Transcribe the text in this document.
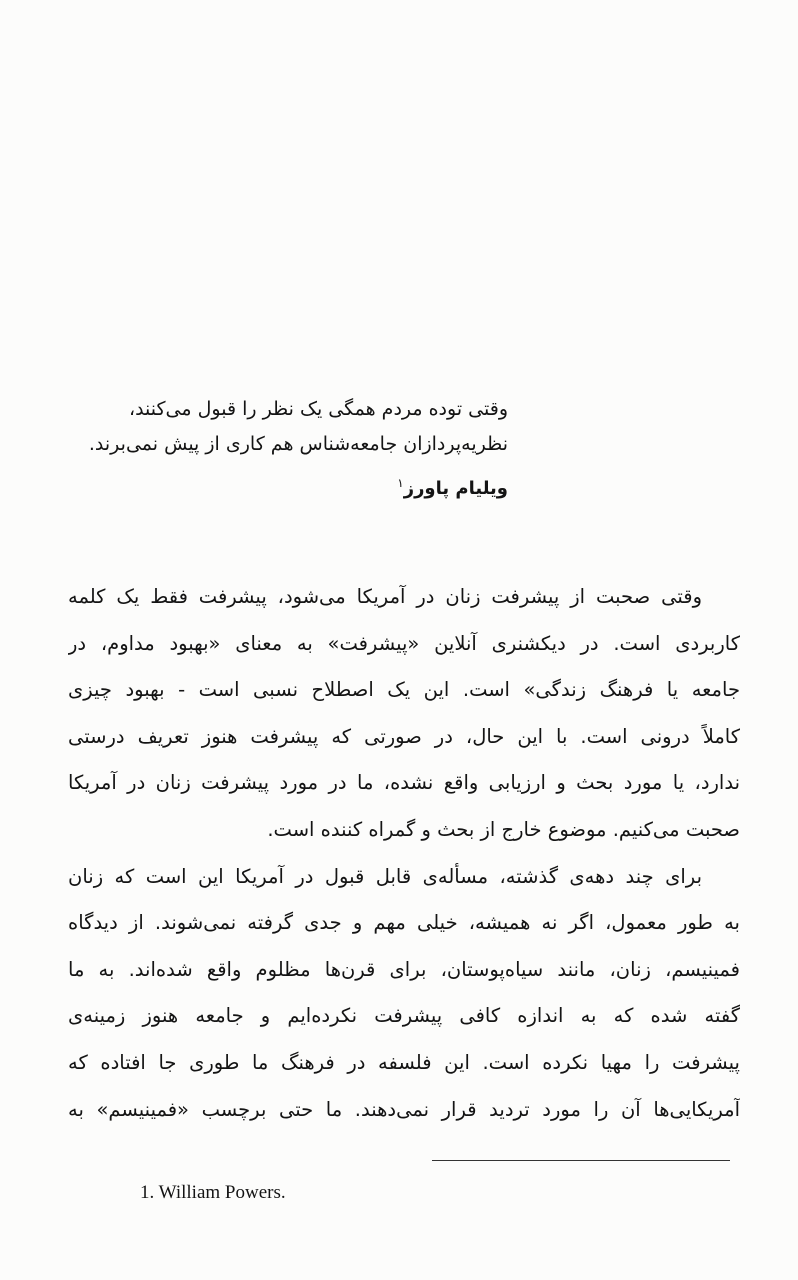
وقتی توده مردم همگی یک نظر را قبول می‌کنند،
نظریه‌پردازان جامعه‌شناس هم کاری از پیش نمی‌برند.
ویلیام پاورز$^۱$
وقتی صحبت از پیشرفت زنان در آمریکا می‌شود، پیشرفت فقط یک کلمه
کاربردی است. در دیکشنری آنلاین «پیشرفت» به معنای «بهبود مداوم، در
جامعه یا فرهنگ زندگی» است. این یک اصطلاح نسبی است - بهبود چیزی
کاملاً درونی است. با این حال، در صورتی که پیشرفت هنوز تعریف درستی
ندارد، یا مورد بحث و ارزیابی واقع نشده، ما در مورد پیشرفت زنان در آمریکا
صحبت می‌کنیم. موضوع خارج از بحث و گمراه کننده است.
برای چند دهه‌ی گذشته، مسأله‌ی قابل قبول در آمریکا این است که زنان
به طور معمول، اگر نه همیشه، خیلی مهم و جدی گرفته نمی‌شوند. از دیدگاه
فمینیسم، زنان، مانند سیاه‌پوستان، برای قرن‌ها مظلوم واقع شده‌اند. به ما
گفته شده که به اندازه کافی پیشرفت نکرده‌ایم و جامعه هنوز زمینه‌ی
پیشرفت را مهیا نکرده است. این فلسفه در فرهنگ ما طوری جا افتاده که
آمریکایی‌ها آن را مورد تردید قرار نمی‌دهند. ما حتی برچسب «فمینیسم» به
1. William Powers.
